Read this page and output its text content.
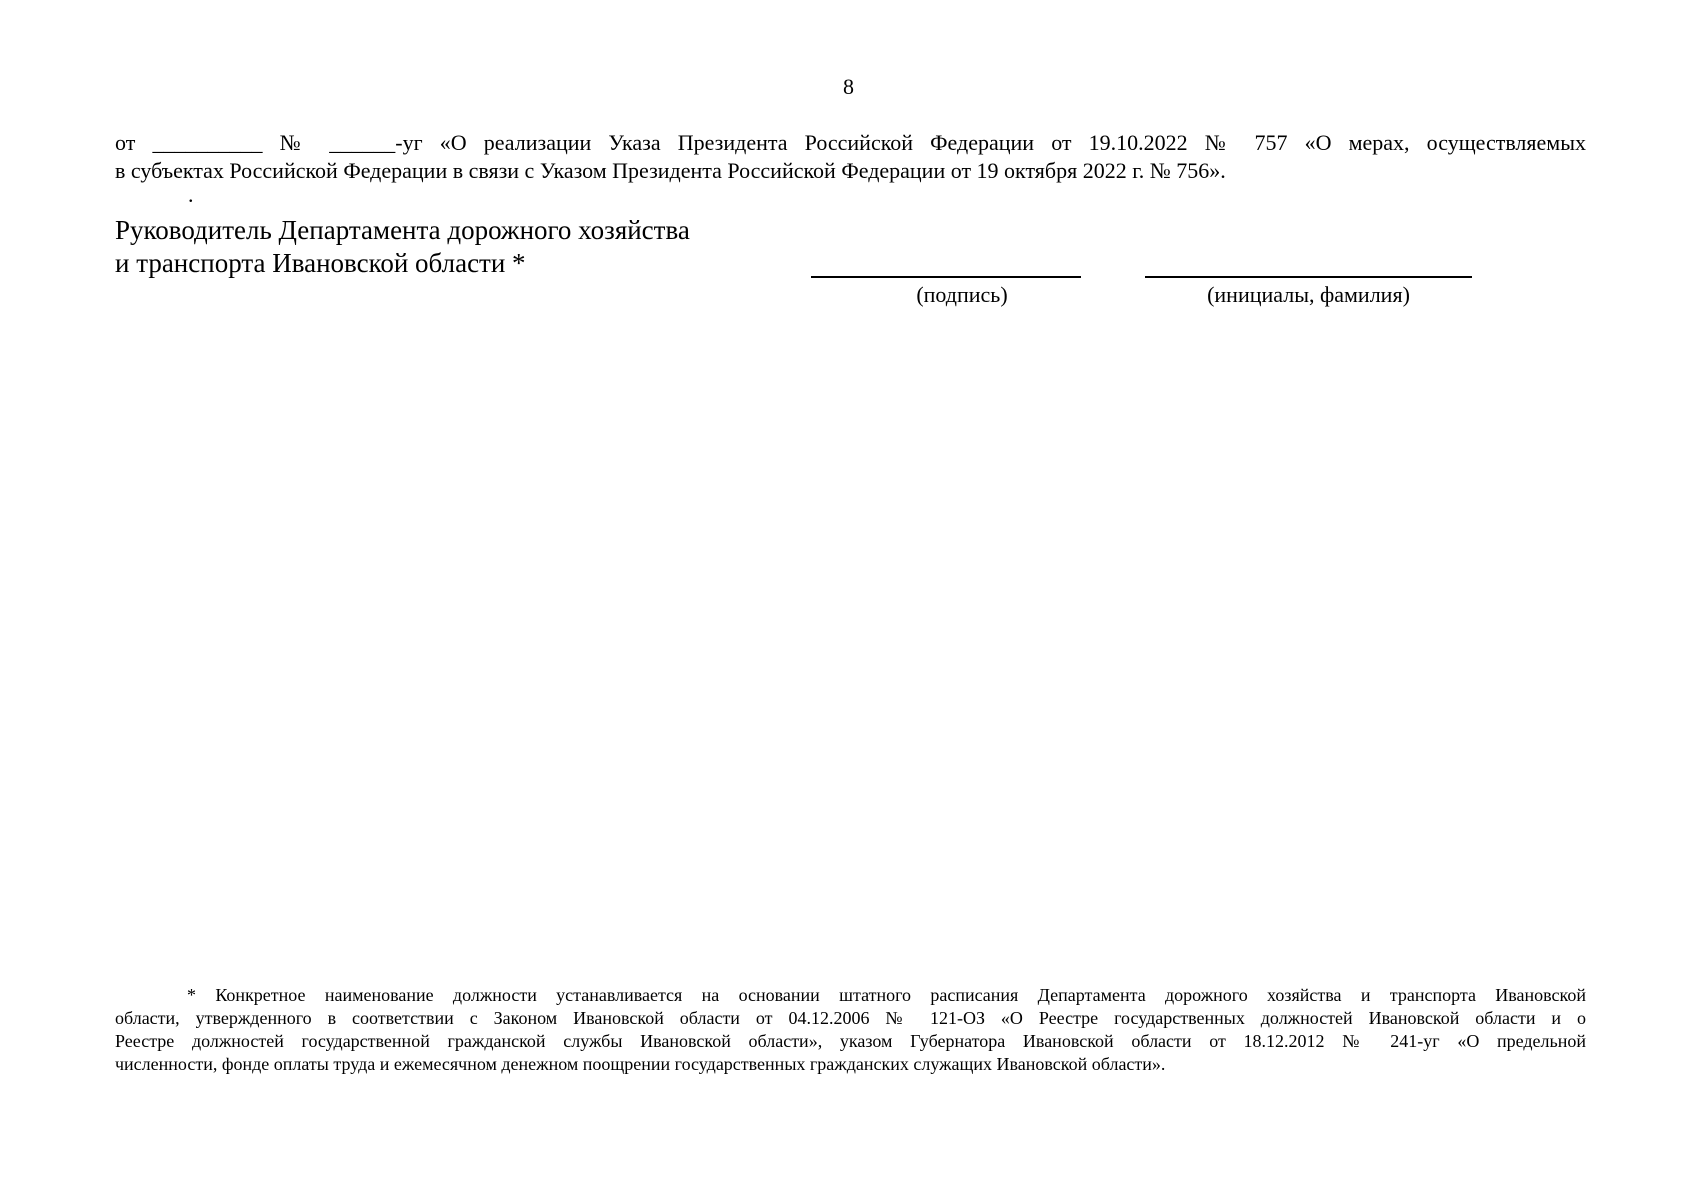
8
от __________ № ______-уг «О реализации Указа Президента Российской Федерации от 19.10.2022 № 757 «О мерах, осуществляемых
в субъектах Российской Федерации в связи с Указом Президента Российской Федерации от 19 октября 2022 г. № 756».
.
Руководитель Департамента дорожного хозяйства
и транспорта Ивановской области *
(подпись)	(инициалы, фамилия)
* Конкретное наименование должности устанавливается на основании штатного расписания Департамента дорожного хозяйства и транспорта Ивановской
области, утвержденного в соответствии с Законом Ивановской области от 04.12.2006 № 121-ОЗ «О Реестре государственных должностей Ивановской области и о
Реестре должностей государственной гражданской службы Ивановской области», указом Губернатора Ивановской области от 18.12.2012 № 241-уг «О предельной
численности, фонде оплаты труда и ежемесячном денежном поощрении государственных гражданских служащих Ивановской области».
